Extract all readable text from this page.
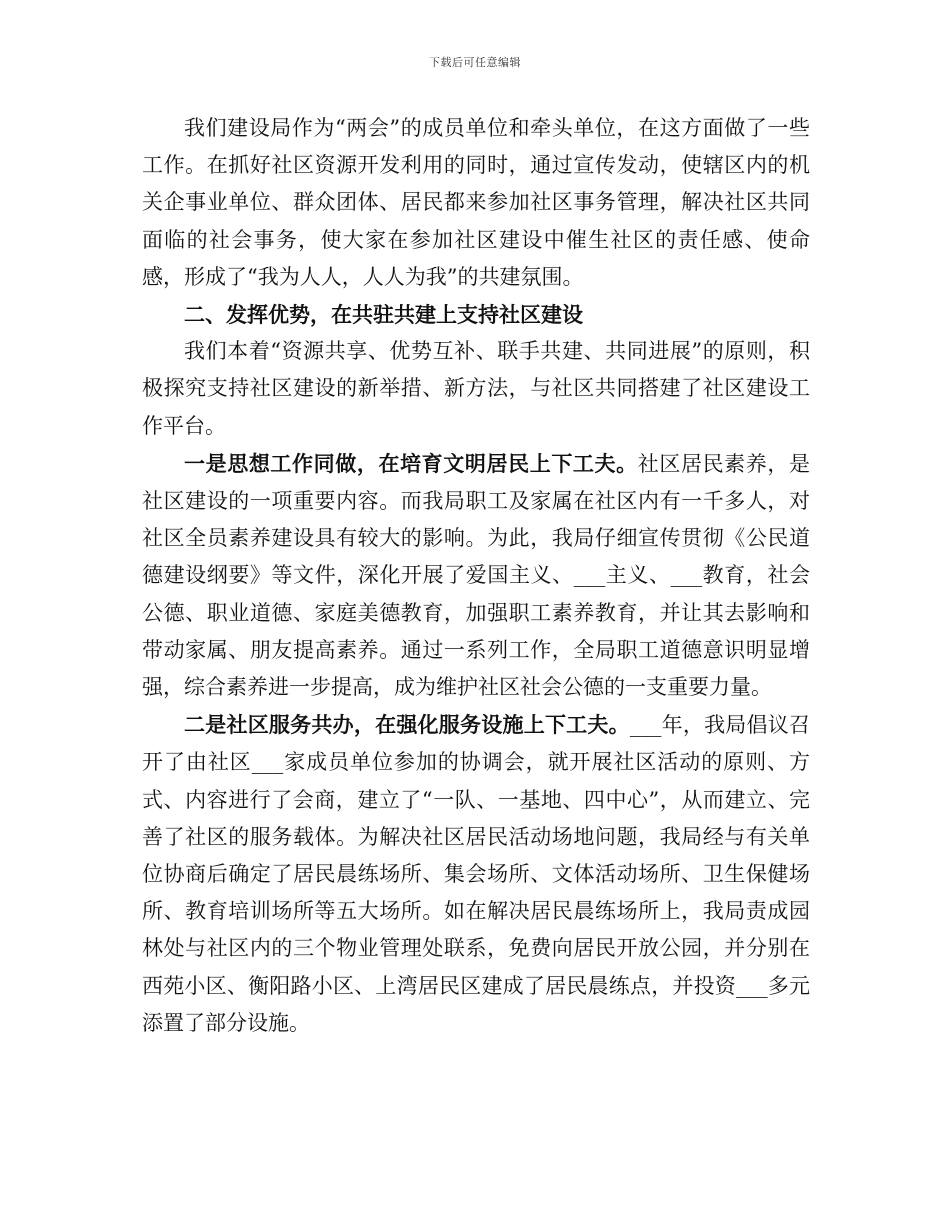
下载后可任意编辑

我们建设局作为“两会”的成员单位和牵头单位，在这方面做了一些工作。在抓好社区资源开发利用的同时，通过宣传发动，使辖区内的机关企事业单位、群众团体、居民都来参加社区事务管理，解决社区共同面临的社会事务，使大家在参加社区建设中催生社区的责任感、使命感，形成了“我为人人，人人为我”的共建氛围。

二、发挥优势，在共驻共建上支持社区建设

我们本着“资源共享、优势互补、联手共建、共同进展”的原则，积极探究支持社区建设的新举措、新方法，与社区共同搭建了社区建设工作平台。

一是思想工作同做，在培育文明居民上下工夫。社区居民素养，是社区建设的一项重要内容。而我局职工及家属在社区内有一千多人，对社区全员素养建设具有较大的影响。为此，我局仔细宣传贯彻《公民道德建设纲要》等文件，深化开展了爱国主义、___主义、___教育，社会公德、职业道德、家庭美德教育，加强职工素养教育，并让其去影响和带动家属、朋友提高素养。通过一系列工作，全局职工道德意识明显增强，综合素养进一步提高，成为维护社区社会公德的一支重要力量。

二是社区服务共办，在强化服务设施上下工夫。___年，我局倡议召开了由社区___家成员单位参加的协调会，就开展社区活动的原则、方式、内容进行了会商，建立了“一队、一基地、四中心”，从而建立、完善了社区的服务载体。为解决社区居民活动场地问题，我局经与有关单位协商后确定了居民晨练场所、集会场所、文体活动场所、卫生保健场所、教育培训场所等五大场所。如在解决居民晨练场所上，我局责成园林处与社区内的三个物业管理处联系，免费向居民开放公园，并分别在西苑小区、衡阳路小区、上湾居民区建成了居民晨练点，并投资___多元添置了部分设施。
